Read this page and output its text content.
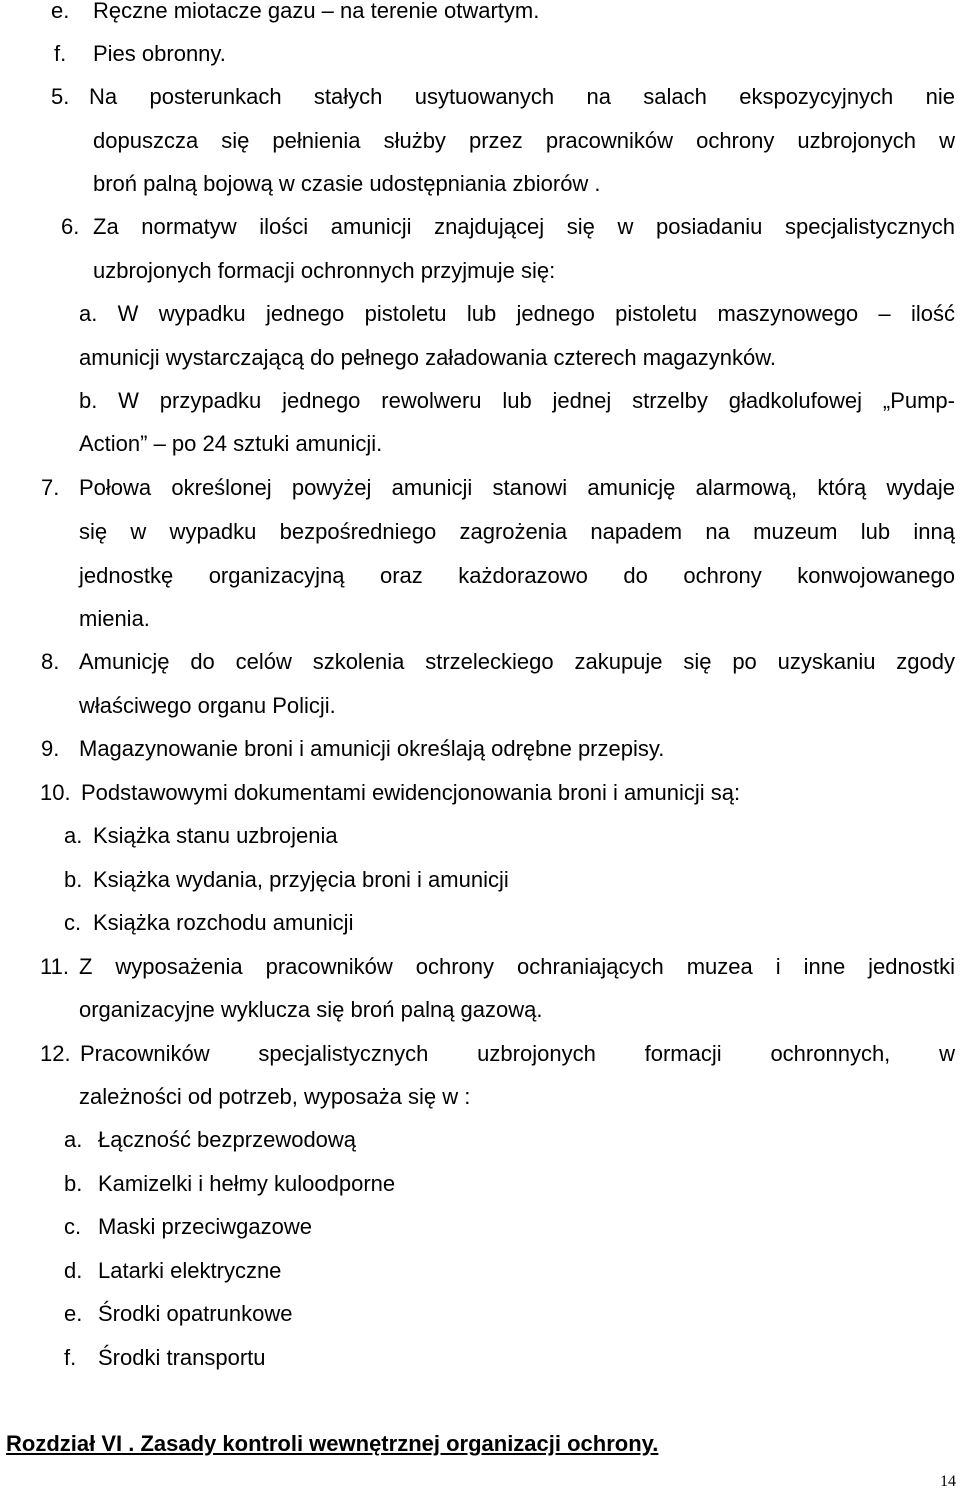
e. Ręczne miotacze gazu – na terenie otwartym.
f. Pies obronny.
5. Na posterunkach stałych usytuowanych na salach ekspozycyjnych nie
dopuszcza się pełnienia służby przez pracowników ochrony uzbrojonych w
broń palną bojową w czasie udostępniania zbiorów .
6. Za normatyw ilości amunicji znajdującej się w posiadaniu specjalistycznych
uzbrojonych formacji ochronnych przyjmuje się:
a. W wypadku jednego pistoletu lub jednego pistoletu maszynowego – ilość
amunicji wystarczającą do pełnego załadowania czterech magazynków.
b. W przypadku jednego rewolweru lub jednej strzelby gładkolufowej „Pump-
Action” – po 24 sztuki amunicji.
7. Połowa określonej powyżej amunicji stanowi amunicję alarmową, którą wydaje
się w wypadku bezpośredniego zagrożenia napadem na muzeum lub inną
jednostkę organizacyjną oraz każdorazowo do ochrony konwojowanego
mienia.
8. Amunicję do celów szkolenia strzeleckiego zakupuje się po uzyskaniu zgody
właściwego organu Policji.
9. Magazynowanie broni i amunicji określają odrębne przepisy.
10. Podstawowymi dokumentami ewidencjonowania broni i amunicji są:
a. Książka stanu uzbrojenia
b. Książka wydania, przyjęcia broni i amunicji
c. Książka rozchodu amunicji
11. Z wyposażenia pracowników ochrony ochraniających muzea i inne jednostki
organizacyjne wyklucza się broń palną gazową.
12. Pracowników specjalistycznych uzbrojonych formacji ochronnych, w
zależności od potrzeb, wyposaża się w :
a. Łączność bezprzewodową
b. Kamizelki i hełmy kuloodporne
c. Maski przeciwgazowe
d. Latarki elektryczne
e. Środki opatrunkowe
f. Środki transportu
Rozdział VI . Zasady kontroli wewnętrznej organizacji ochrony.
14
